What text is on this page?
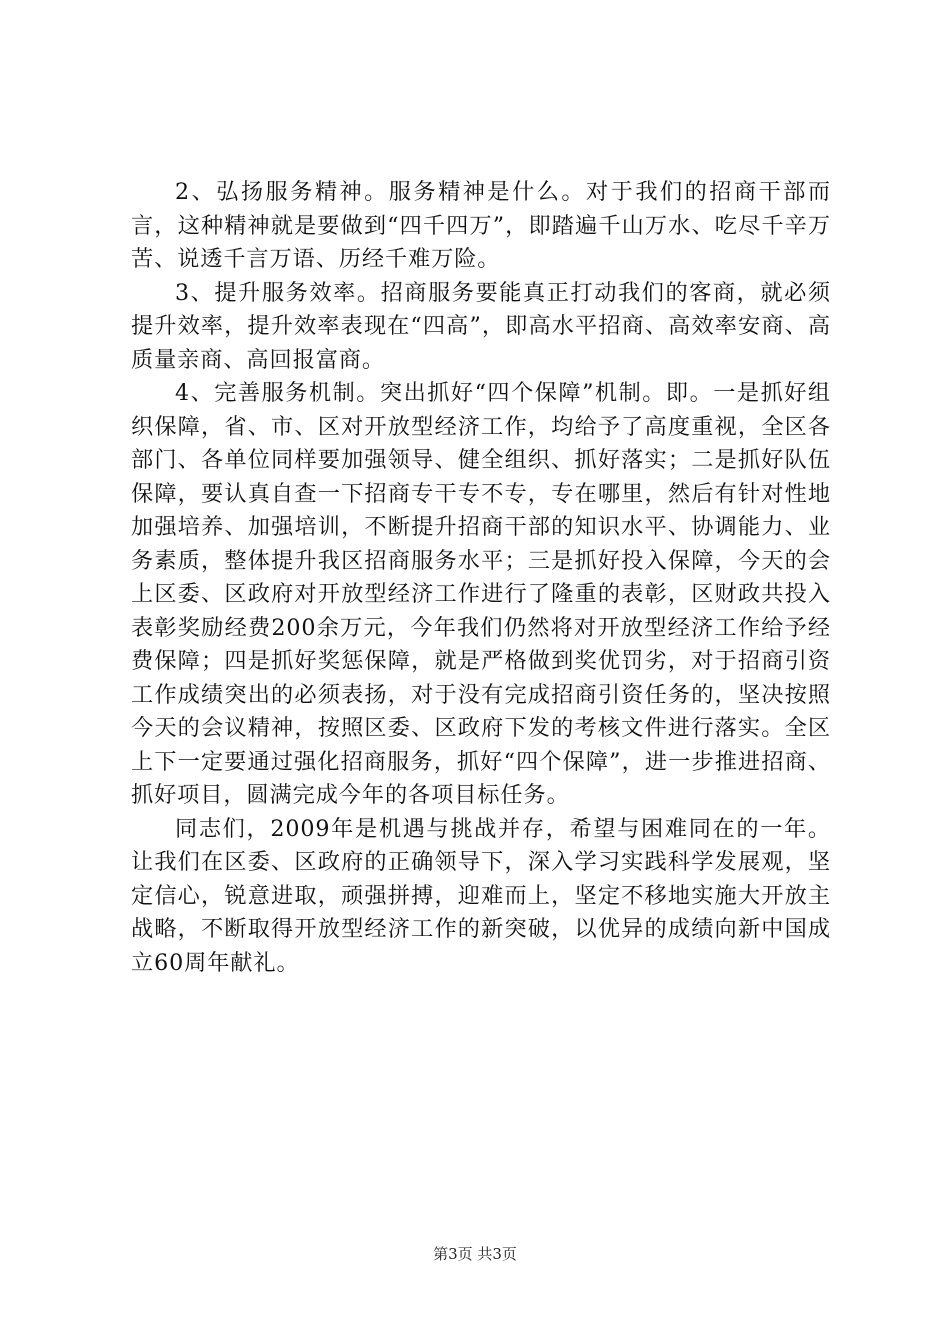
2、弘扬服务精神。服务精神是什么。对于我们的招商干部而言，这种精神就是要做到“四千四万”，即踏遍千山万水、吃尽千辛万苦、说透千言万语、历经千难万险。

3、提升服务效率。招商服务要能真正打动我们的客商，就必须提升效率，提升效率表现在“四高”，即高水平招商、高效率安商、高质量亲商、高回报富商。

4、完善服务机制。突出抓好“四个保障”机制。即。一是抓好组织保障，省、市、区对开放型经济工作，均给予了高度重视，全区各部门、各单位同样要加强领导、健全组织、抓好落实；二是抓好队伍保障，要认真自查一下招商专干专不专，专在哪里，然后有针对性地加强培养、加强培训，不断提升招商干部的知识水平、协调能力、业务素质，整体提升我区招商服务水平；三是抓好投入保障，今天的会上区委、区政府对开放型经济工作进行了隆重的表彰，区财政共投入表彰奖励经费200余万元，今年我们仍然将对开放型经济工作给予经费保障；四是抓好奖惩保障，就是严格做到奖优罚劣，对于招商引资工作成绩突出的必须表扬，对于没有完成招商引资任务的，坚决按照今天的会议精神，按照区委、区政府下发的考核文件进行落实。全区上下一定要通过强化招商服务，抓好“四个保障”，进一步推进招商、抓好项目，圆满完成今年的各项目标任务。

同志们，2009年是机遇与挑战并存，希望与困难同在的一年。让我们在区委、区政府的正确领导下，深入学习实践科学发展观，坚定信心，锐意进取，顽强拼搏，迎难而上，坚定不移地实施大开放主战略，不断取得开放型经济工作的新突破，以优异的成绩向新中国成立60周年献礼。

第3页 共3页
